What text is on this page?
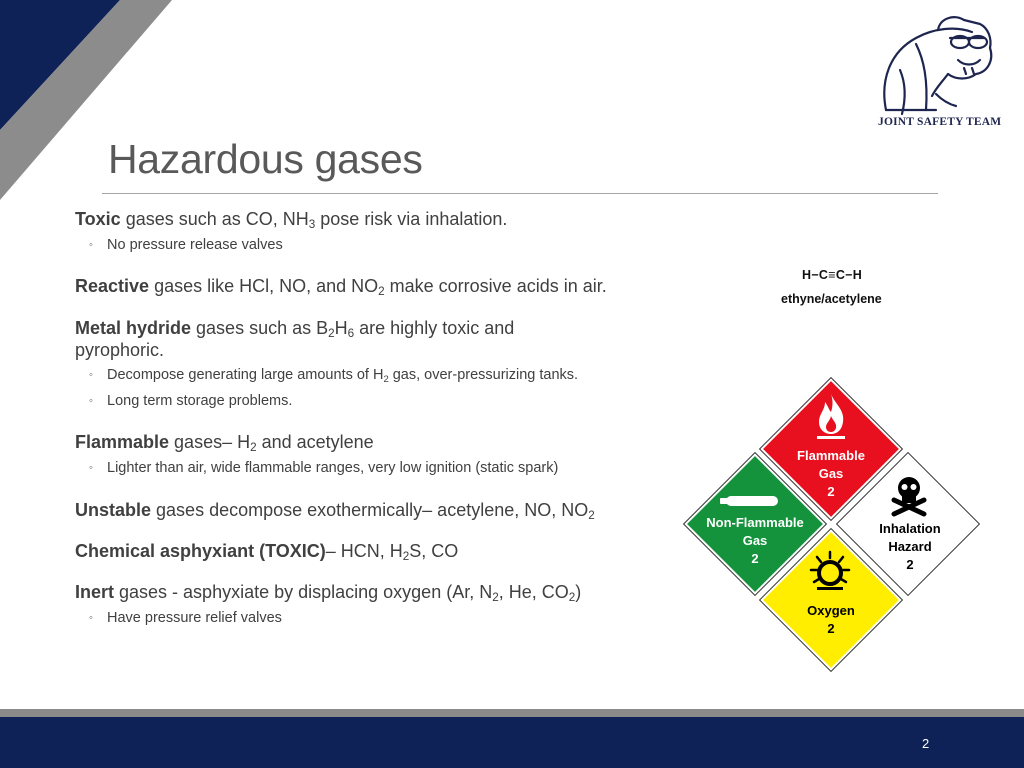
JOINT SAFETY TEAM
Hazardous gases
Toxic gases such as CO, $NH_3$ pose risk via inhalation.
◦ No pressure release valves
Reactive gases like HCl, NO, and $NO_2$ make corrosive acids in air.
Metal hydride gases such as $B_2H_6$ are highly toxic and
pyrophoric.
◦ Decompose generating large amounts of $H_2$ gas, over-pressurizing tanks.
◦ Long term storage problems.
Flammable gases– $H_2$ and acetylene
◦ Lighter than air, wide flammable ranges, very low ignition (static spark)
Unstable gases decompose exothermically– acetylene, NO, $NO_2$
Chemical asphyxiant (TOXIC)– HCN, $H_2S$, CO
Inert gases - asphyxiate by displacing oxygen (Ar, $N_2$, He, $CO_2$)
◦ Have pressure relief valves
H−C≡C−H
ethyne/acetylene
Flammable
Gas
2
Non-Flammable
Gas
2
Inhalation
Hazard
2
Oxygen
2
2
